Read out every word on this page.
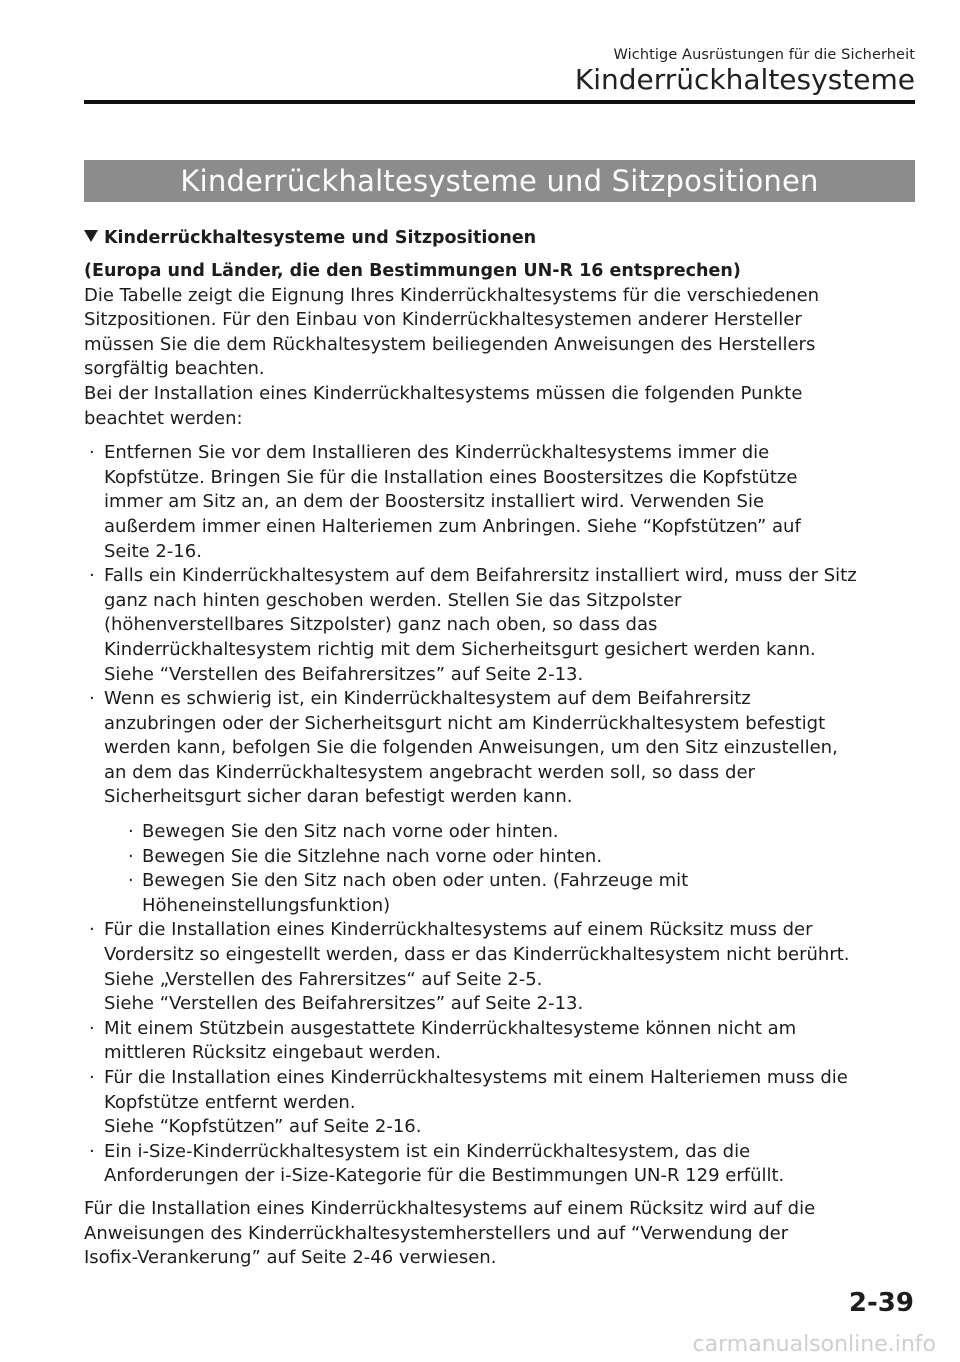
Wichtige Ausrüstungen für die Sicherheit
Kinderrückhaltesysteme
Kinderrückhaltesysteme und Sitzpositionen
Kinderrückhaltesysteme und Sitzpositionen
(Europa und Länder, die den Bestimmungen UN-R 16 entsprechen)

Die Tabelle zeigt die Eignung Ihres Kinderrückhaltesystems für die verschiedenen
Sitzpositionen. Für den Einbau von Kinderrückhaltesystemen anderer Hersteller
müssen Sie die dem Rückhaltesystem beiliegenden Anweisungen des Herstellers
sorgfältig beachten.
Bei der Installation eines Kinderrückhaltesystems müssen die folgenden Punkte
beachtet werden:

· Entfernen Sie vor dem Installieren des Kinderrückhaltesystems immer die
Kopfstütze. Bringen Sie für die Installation eines Boostersitzes die Kopfstütze
immer am Sitz an, an dem der Boostersitz installiert wird. Verwenden Sie
außerdem immer einen Halteriemen zum Anbringen. Siehe “Kopfstützen” auf
Seite 2-16.
· Falls ein Kinderrückhaltesystem auf dem Beifahrersitz installiert wird, muss der Sitz
ganz nach hinten geschoben werden. Stellen Sie das Sitzpolster
(höhenverstellbares Sitzpolster) ganz nach oben, so dass das
Kinderrückhaltesystem richtig mit dem Sicherheitsgurt gesichert werden kann.
Siehe “Verstellen des Beifahrersitzes” auf Seite 2-13.
· Wenn es schwierig ist, ein Kinderrückhaltesystem auf dem Beifahrersitz
anzubringen oder der Sicherheitsgurt nicht am Kinderrückhaltesystem befestigt
werden kann, befolgen Sie die folgenden Anweisungen, um den Sitz einzustellen,
an dem das Kinderrückhaltesystem angebracht werden soll, so dass der
Sicherheitsgurt sicher daran befestigt werden kann.
· Bewegen Sie den Sitz nach vorne oder hinten.
· Bewegen Sie die Sitzlehne nach vorne oder hinten.
· Bewegen Sie den Sitz nach oben oder unten. (Fahrzeuge mit
Höheneinstellungsfunktion)
· Für die Installation eines Kinderrückhaltesystems auf einem Rücksitz muss der
Vordersitz so eingestellt werden, dass er das Kinderrückhaltesystem nicht berührt.
Siehe „Verstellen des Fahrersitzes“ auf Seite 2-5.
Siehe “Verstellen des Beifahrersitzes” auf Seite 2-13.
· Mit einem Stützbein ausgestattete Kinderrückhaltesysteme können nicht am
mittleren Rücksitz eingebaut werden.
· Für die Installation eines Kinderrückhaltesystems mit einem Halteriemen muss die
Kopfstütze entfernt werden.
Siehe “Kopfstützen” auf Seite 2-16.
· Ein i-Size-Kinderrückhaltesystem ist ein Kinderrückhaltesystem, das die
Anforderungen der i-Size-Kategorie für die Bestimmungen UN-R 129 erfüllt.

Für die Installation eines Kinderrückhaltesystems auf einem Rücksitz wird auf die
Anweisungen des Kinderrückhaltesystemherstellers und auf “Verwendung der
Isofix-Verankerung” auf Seite 2-46 verwiesen.

2-39
carmanualsonline.info
